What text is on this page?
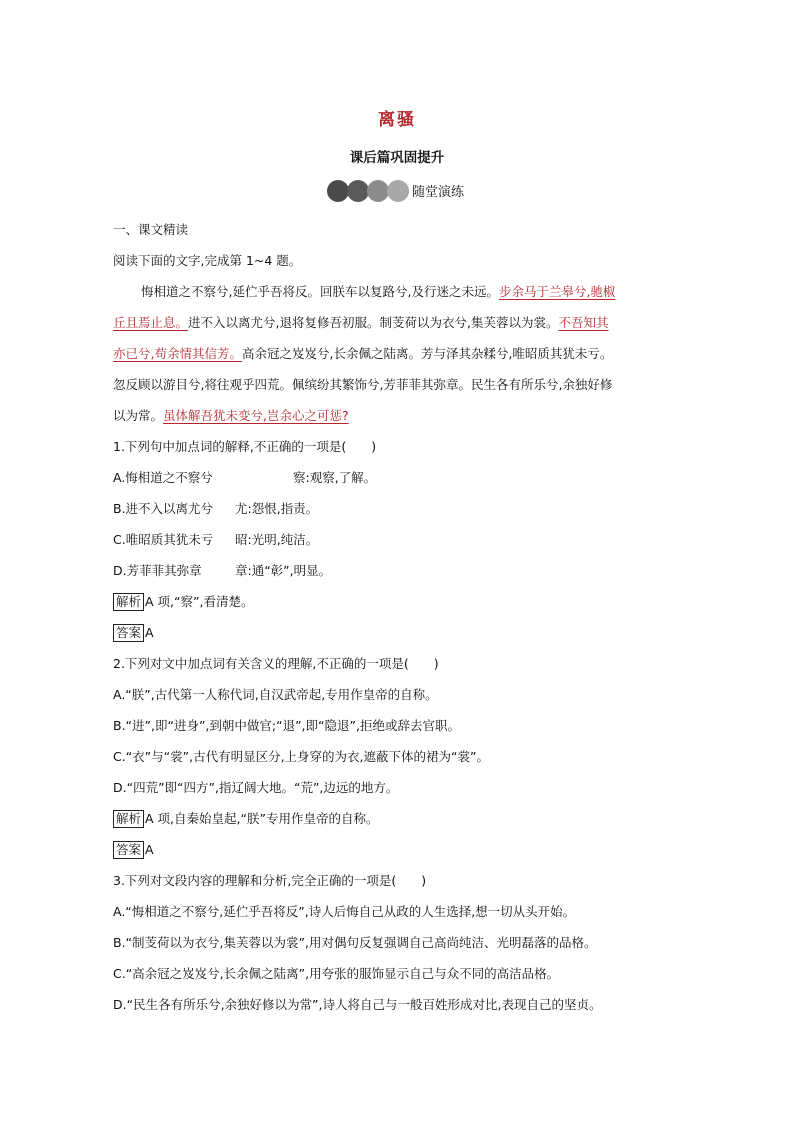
离骚
课后篇巩固提升
随堂演练
一、课文精读
阅读下面的文字,完成第 1~4 题。
悔相道之不察兮,延伫乎吾将反。回朕车以复路兮,及行迷之未远。步余马于兰皋兮,驰椒
丘且焉止息。进不入以离尤兮,退将复修吾初服。制芰荷以为衣兮,集芙蓉以为裳。不吾知其
亦已兮,苟余情其信芳。高余冠之岌岌兮,长余佩之陆离。芳与泽其杂糅兮,唯昭质其犹未亏。
忽反顾以游目兮,将往观乎四荒。佩缤纷其繁饰兮,芳菲菲其弥章。民生各有所乐兮,余独好修
以为常。虽体解吾犹未变兮,岂余心之可惩?
1.下列句中加点词的解释,不正确的一项是(　　)
A.悔相道之不察兮	察:观察,了解。
B.进不入以离尤兮 尤:怨恨,指责。
C.唯昭质其犹未亏 昭:光明,纯洁。
D.芳菲菲其弥章	章:通“彰”,明显。
解析 A 项,“察”,看清楚。
答案 A
2.下列对文中加点词有关含义的理解,不正确的一项是(　　)
A.“朕”,古代第一人称代词,自汉武帝起,专用作皇帝的自称。
B.“进”,即“进身”,到朝中做官;“退”,即“隐退”,拒绝或辞去官职。
C.“衣”与“裳”,古代有明显区分,上身穿的为衣,遮蔽下体的裙为“裳”。
D.“四荒”即“四方”,指辽阔大地。“荒”,边远的地方。
解析 A 项,自秦始皇起,“朕”专用作皇帝的自称。
答案 A
3.下列对文段内容的理解和分析,完全正确的一项是(　　)
A.“悔相道之不察兮,延伫乎吾将反”,诗人后悔自己从政的人生选择,想一切从头开始。
B.“制芰荷以为衣兮,集芙蓉以为裳”,用对偶句反复强调自己高尚纯洁、光明磊落的品格。
C.“高余冠之岌岌兮,长余佩之陆离”,用夸张的服饰显示自己与众不同的高洁品格。
D.“民生各有所乐兮,余独好修以为常”,诗人将自己与一般百姓形成对比,表现自己的坚贞。
